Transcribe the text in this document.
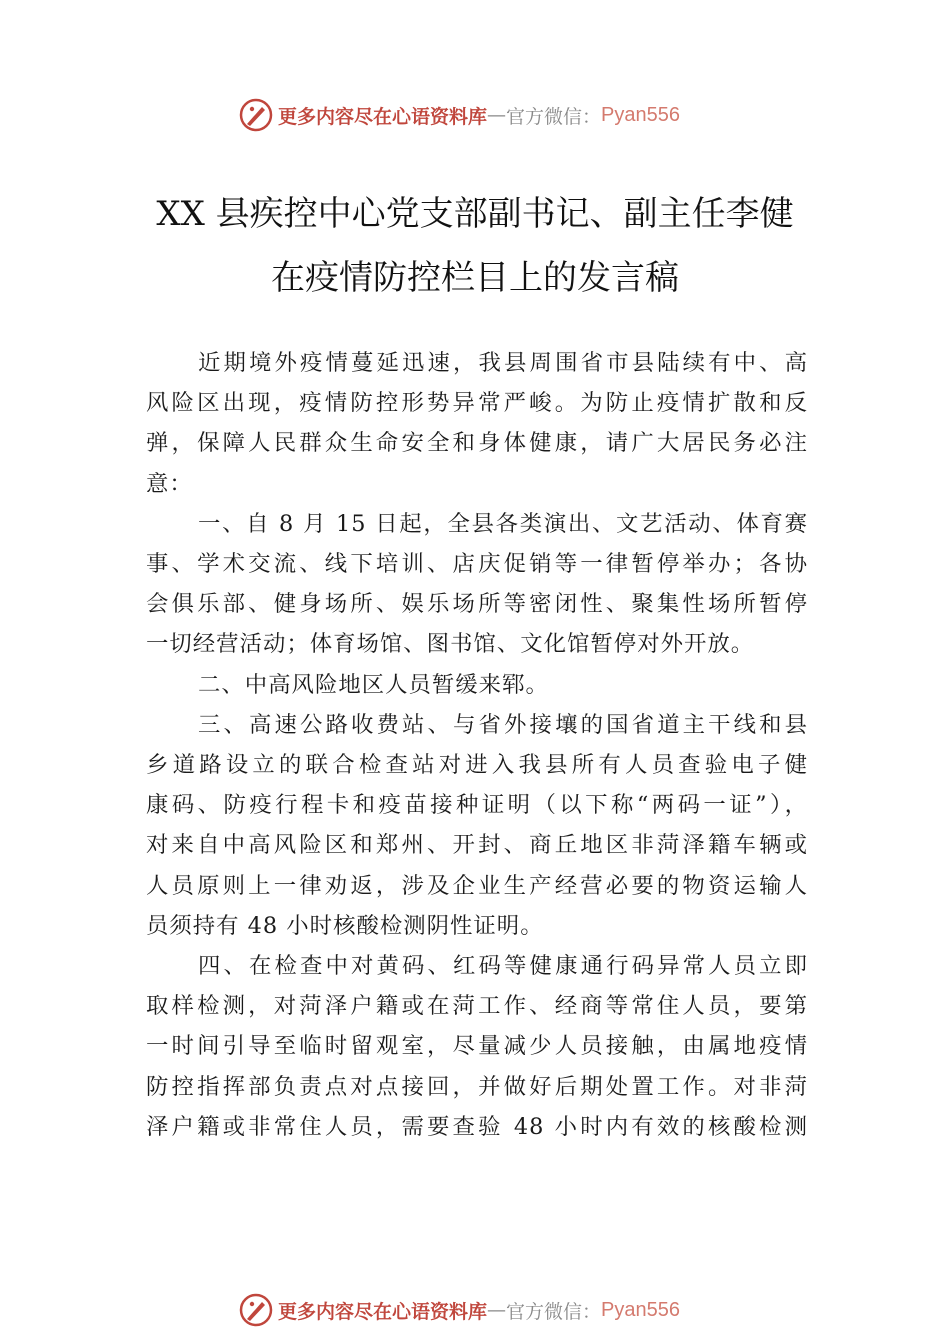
更多内容尽在心语资料库 — 官方微信： Pyan556
XX 县疾控中心党支部副书记、副主任李健
在疫情防控栏目上的发言稿

近期境外疫情蔓延迅速，我县周围省市县陆续有中、高
风险区出现，疫情防控形势异常严峻。为防止疫情扩散和反
弹，保障人民群众生命安全和身体健康，请广大居民务必注
意：

一、自 8 月 15 日起，全县各类演出、文艺活动、体育赛
事、学术交流、线下培训、店庆促销等一律暂停举办；各协
会俱乐部、健身场所、娱乐场所等密闭性、聚集性场所暂停
一切经营活动；体育场馆、图书馆、文化馆暂停对外开放。

二、中高风险地区人员暂缓来郓。

三、高速公路收费站、与省外接壤的国省道主干线和县
乡道路设立的联合检查站对进入我县所有人员查验电子健
康码、防疫行程卡和疫苗接种证明（以下称“两码一证”），
对来自中高风险区和郑州、开封、商丘地区非菏泽籍车辆或
人员原则上一律劝返，涉及企业生产经营必要的物资运输人
员须持有 48 小时核酸检测阴性证明。

四、在检查中对黄码、红码等健康通行码异常人员立即
取样检测，对菏泽户籍或在菏工作、经商等常住人员，要第
一时间引导至临时留观室，尽量减少人员接触，由属地疫情
防控指挥部负责点对点接回，并做好后期处置工作。对非菏
泽户籍或非常住人员，需要查验 48 小时内有效的核酸检测

更多内容尽在心语资料库 — 官方微信： Pyan556
